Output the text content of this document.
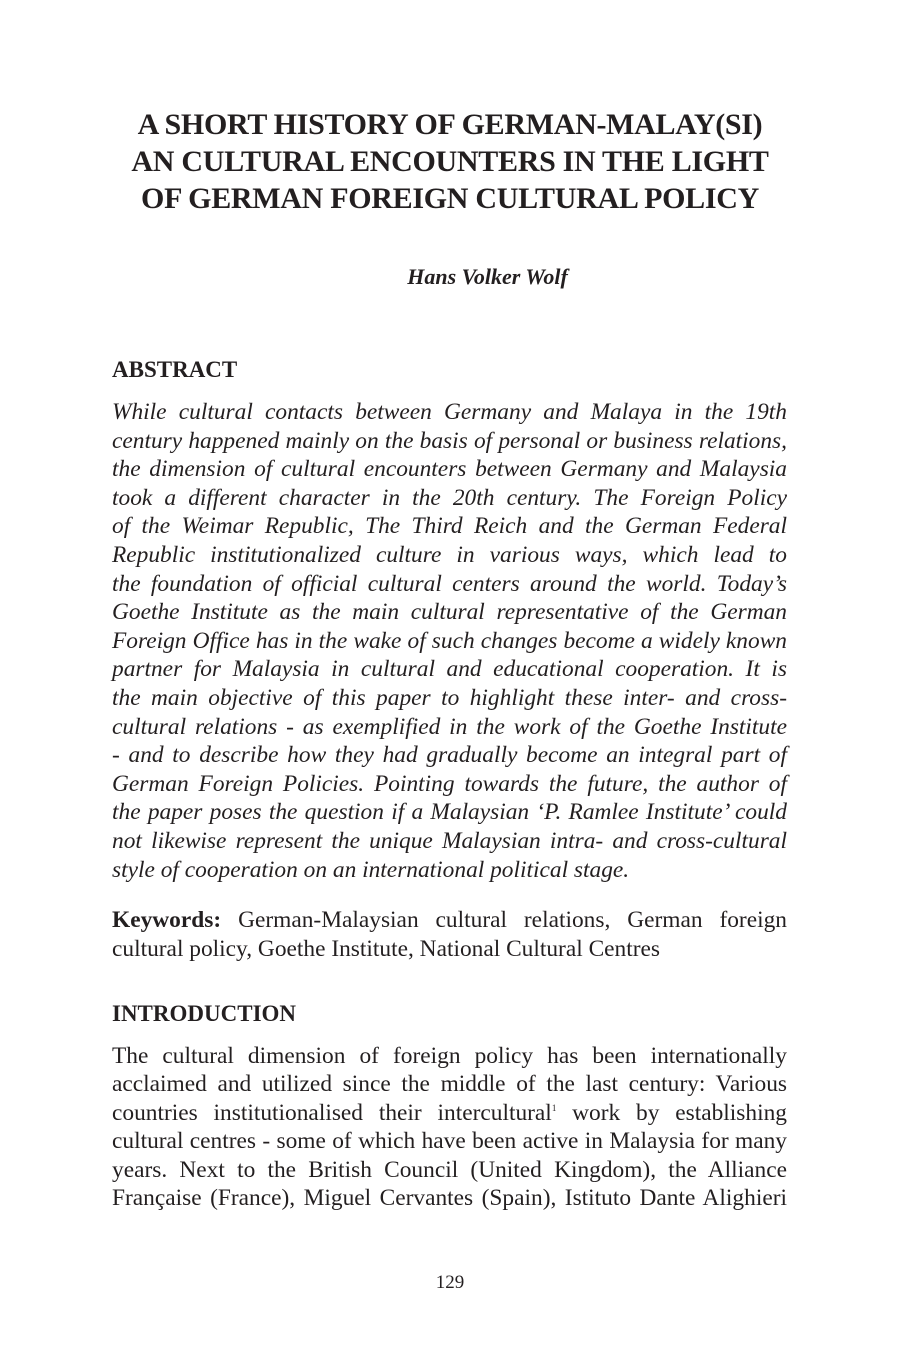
A SHORT HISTORY OF GERMAN-MALAY(SI)
AN CULTURAL ENCOUNTERS IN THE LIGHT
OF GERMAN FOREIGN CULTURAL POLICY
Hans Volker Wolf
ABSTRACT
While cultural contacts between Germany and Malaya in the 19th
century happened mainly on the basis of personal or business relations,
the dimension of cultural encounters between Germany and Malaysia
took a different character in the 20th century. The Foreign Policy
of the Weimar Republic, The Third Reich and the German Federal
Republic institutionalized culture in various ways, which lead to
the foundation of official cultural centers around the world. Today’s
Goethe Institute as the main cultural representative of the German
Foreign Office has in the wake of such changes become a widely known
partner for Malaysia in cultural and educational cooperation. It is
the main objective of this paper to highlight these inter- and cross-
cultural relations - as exemplified in the work of the Goethe Institute
- and to describe how they had gradually become an integral part of
German Foreign Policies. Pointing towards the future, the author of
the paper poses the question if a Malaysian ‘P. Ramlee Institute’ could
not likewise represent the unique Malaysian intra- and cross-cultural
style of cooperation on an international political stage.
Keywords: German-Malaysian cultural relations, German foreign
cultural policy, Goethe Institute, National Cultural Centres
INTRODUCTION
The cultural dimension of foreign policy has been internationally
acclaimed and utilized since the middle of the last century: Various
countries institutionalised their intercultural$^1$ work by establishing
cultural centres - some of which have been active in Malaysia for many
years. Next to the British Council (United Kingdom), the Alliance
Française (France), Miguel Cervantes (Spain), Istituto Dante Alighieri
129
